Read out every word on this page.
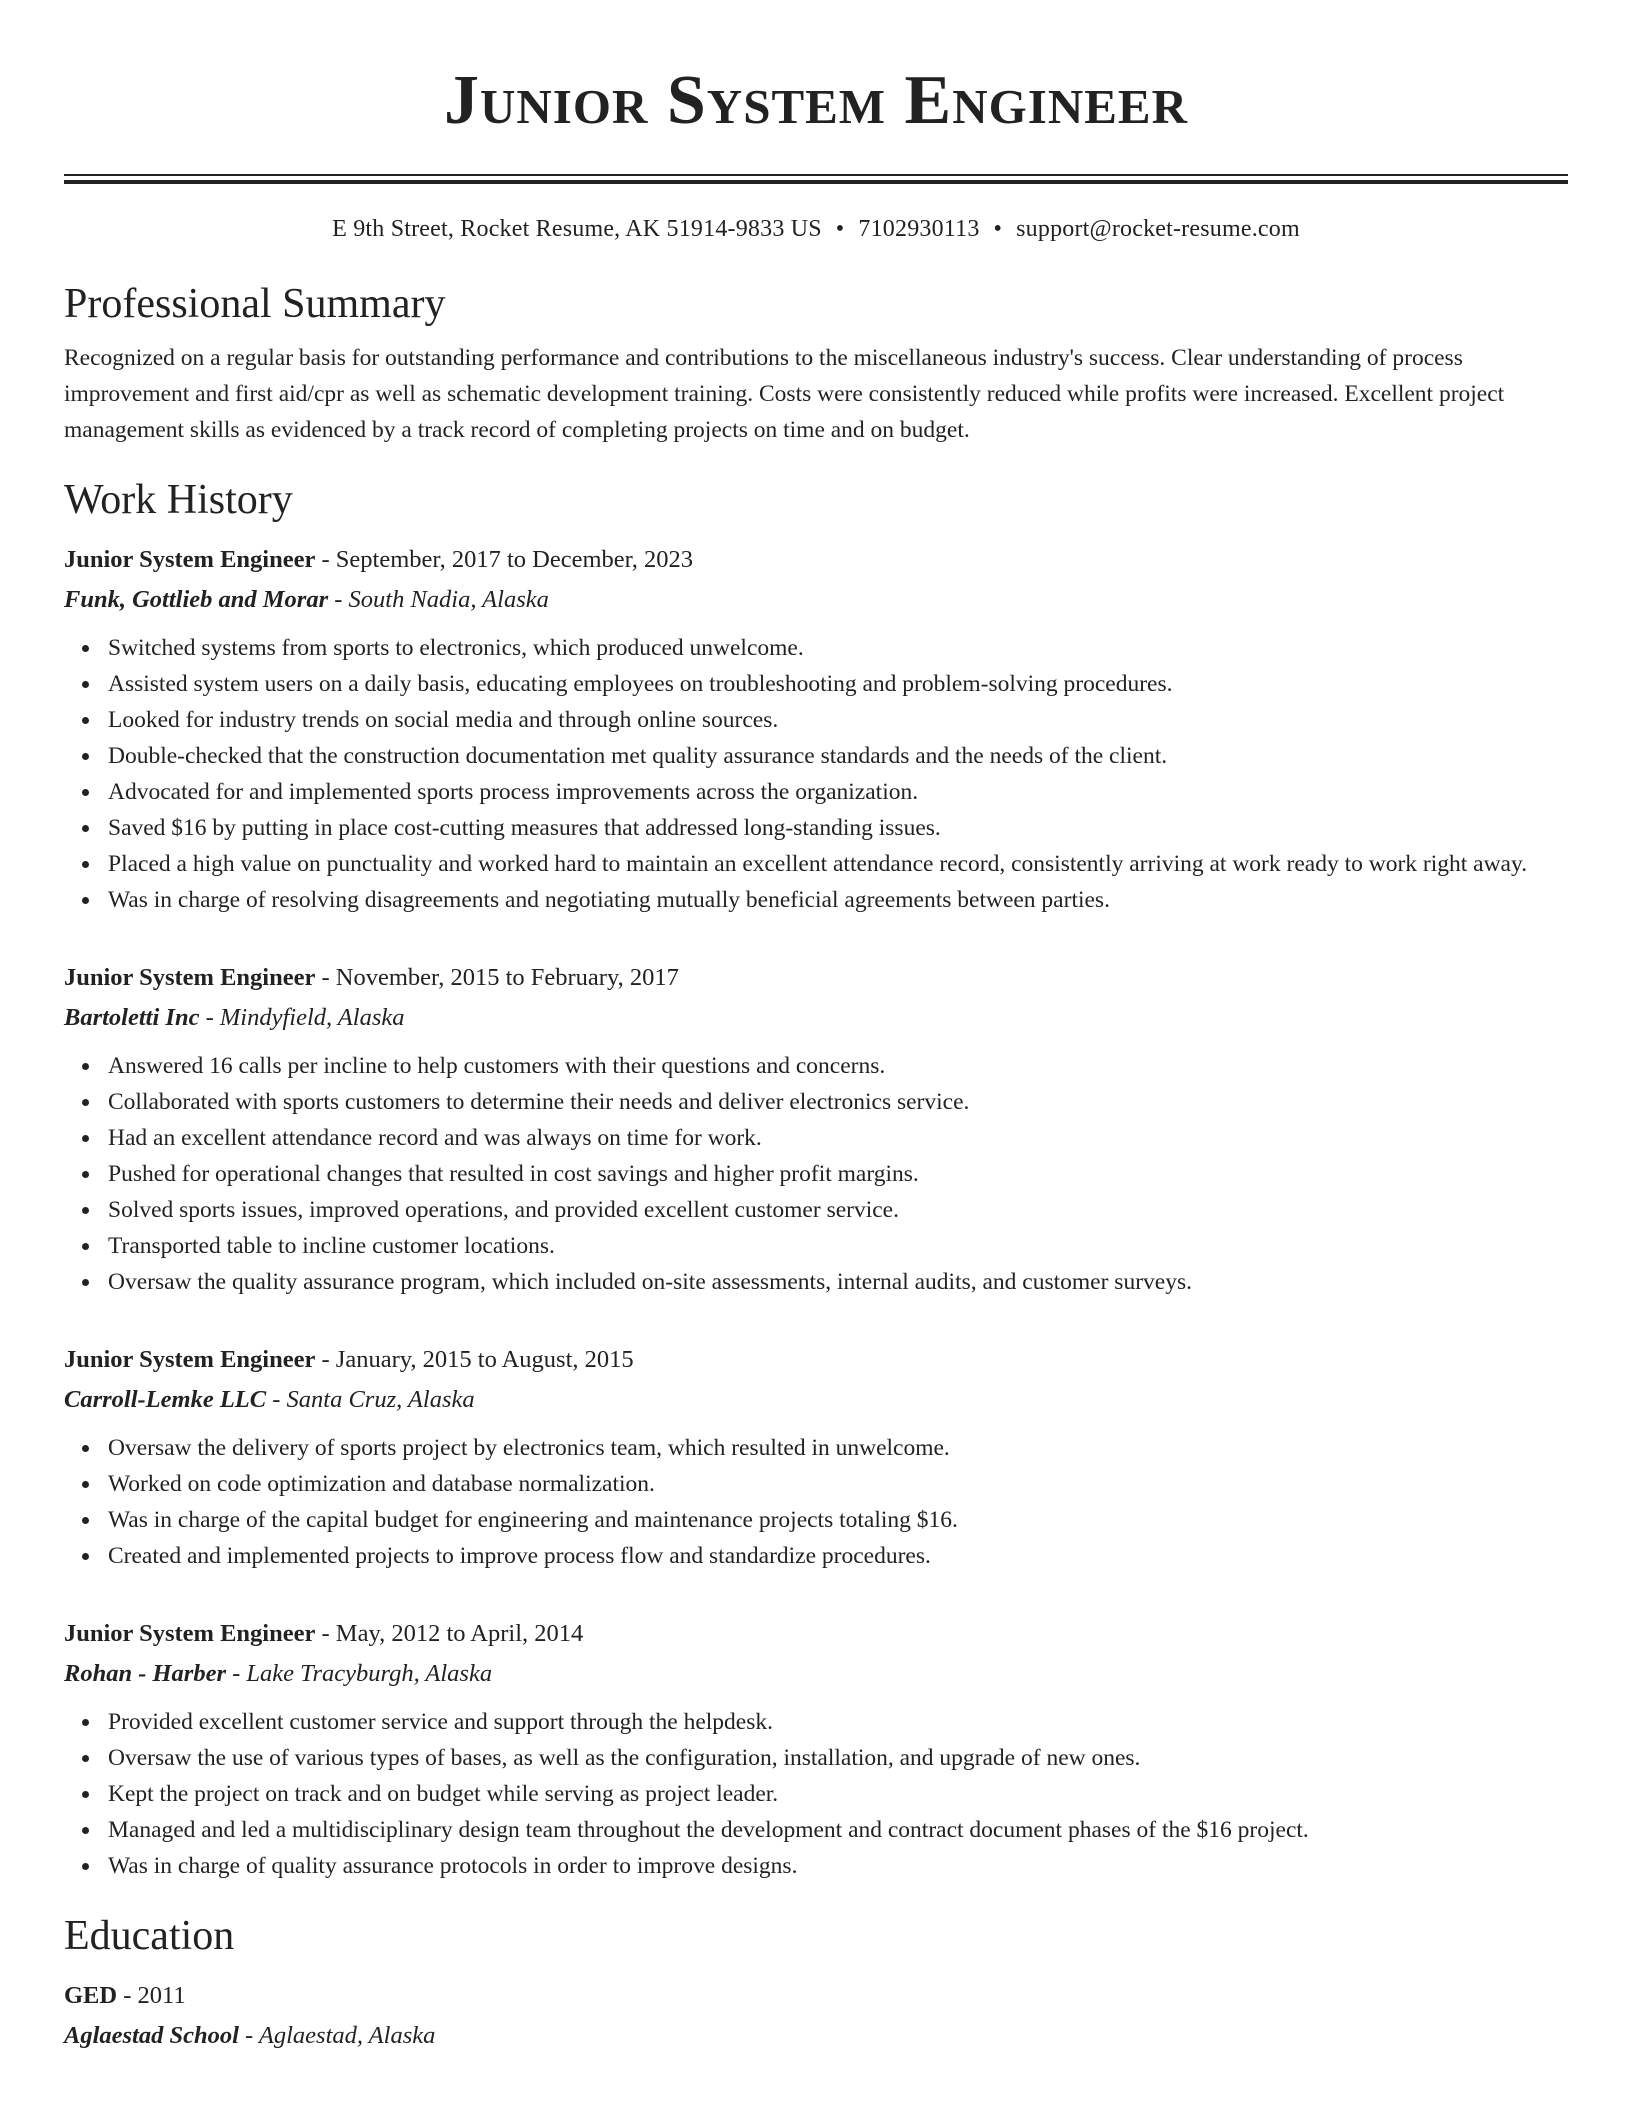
Junior System Engineer
E 9th Street, Rocket Resume, AK 51914-9833 US • 7102930113 • support@rocket-resume.com
Professional Summary

Recognized on a regular basis for outstanding performance and contributions to the miscellaneous industry's success. Clear understanding of process improvement and first aid/cpr as well as schematic development training. Costs were consistently reduced while profits were increased. Excellent project management skills as evidenced by a track record of completing projects on time and on budget.

Work History
Junior System Engineer - September, 2017 to December, 2023
Funk, Gottlieb and Morar - South Nadia, Alaska
Switched systems from sports to electronics, which produced unwelcome.
Assisted system users on a daily basis, educating employees on troubleshooting and problem-solving procedures.
Looked for industry trends on social media and through online sources.
Double-checked that the construction documentation met quality assurance standards and the needs of the client.
Advocated for and implemented sports process improvements across the organization.
Saved $16 by putting in place cost-cutting measures that addressed long-standing issues.
Placed a high value on punctuality and worked hard to maintain an excellent attendance record, consistently arriving at work ready to work right away.
Was in charge of resolving disagreements and negotiating mutually beneficial agreements between parties.
Junior System Engineer - November, 2015 to February, 2017
Bartoletti Inc - Mindyfield, Alaska
Answered 16 calls per incline to help customers with their questions and concerns.
Collaborated with sports customers to determine their needs and deliver electronics service.
Had an excellent attendance record and was always on time for work.
Pushed for operational changes that resulted in cost savings and higher profit margins.
Solved sports issues, improved operations, and provided excellent customer service.
Transported table to incline customer locations.
Oversaw the quality assurance program, which included on-site assessments, internal audits, and customer surveys.
Junior System Engineer - January, 2015 to August, 2015
Carroll-Lemke LLC - Santa Cruz, Alaska
Oversaw the delivery of sports project by electronics team, which resulted in unwelcome.
Worked on code optimization and database normalization.
Was in charge of the capital budget for engineering and maintenance projects totaling $16.
Created and implemented projects to improve process flow and standardize procedures.
Junior System Engineer - May, 2012 to April, 2014
Rohan - Harber - Lake Tracyburgh, Alaska
Provided excellent customer service and support through the helpdesk.
Oversaw the use of various types of bases, as well as the configuration, installation, and upgrade of new ones.
Kept the project on track and on budget while serving as project leader.
Managed and led a multidisciplinary design team throughout the development and contract document phases of the $16 project.
Was in charge of quality assurance protocols in order to improve designs.
Education
GED - 2011
Aglaestad School - Aglaestad, Alaska
